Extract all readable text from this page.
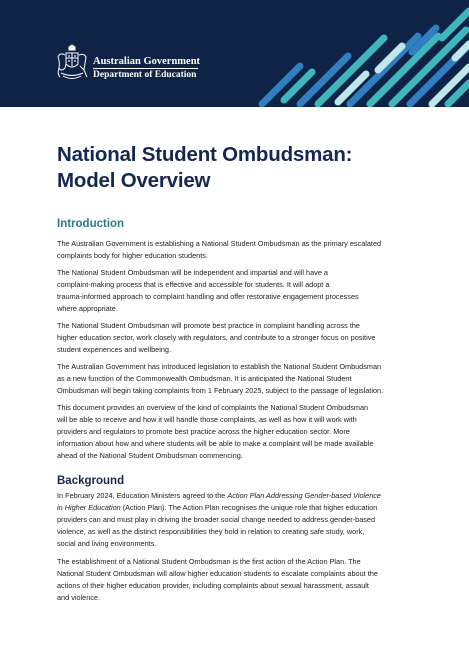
Australian Government
Department of Education
National Student Ombudsman:
Model Overview
Introduction

The Australian Government is establishing a National Student Ombudsman as the primary escalated
complaints body for higher education students.

The National Student Ombudsman will be independent and impartial and will have a
complaint-making process that is effective and accessible for students. It will adopt a
trauma-informed approach to complaint handling and offer restorative engagement processes
where appropriate.

The National Student Ombudsman will promote best practice in complaint handling across the
higher education sector, work closely with regulators, and contribute to a stronger focus on positive
student experiences and wellbeing.

The Australian Government has introduced legislation to establish the National Student Ombudsman
as a new function of the Commonwealth Ombudsman. It is anticipated the National Student
Ombudsman will begin taking complaints from 1 February 2025, subject to the passage of legislation.

This document provides an overview of the kind of complaints the National Student Ombudsman
will be able to receive and how it will handle those complaints, as well as how it will work with
providers and regulators to promote best practice across the higher education sector. More
information about how and where students will be able to make a complaint will be made available
ahead of the National Student Ombudsman commencing.

Background

In February 2024, Education Ministers agreed to the Action Plan Addressing Gender-based Violence
in Higher Education (Action Plan). The Action Plan recognises the unique role that higher education
providers can and must play in driving the broader social change needed to address gender-based
violence, as well as the distinct responsibilities they hold in relation to creating safe study, work,
social and living environments.

The establishment of a National Student Ombudsman is the first action of the Action Plan. The
National Student Ombudsman will allow higher education students to escalate complaints about the
actions of their higher education provider, including complaints about sexual harassment, assault
and violence.
